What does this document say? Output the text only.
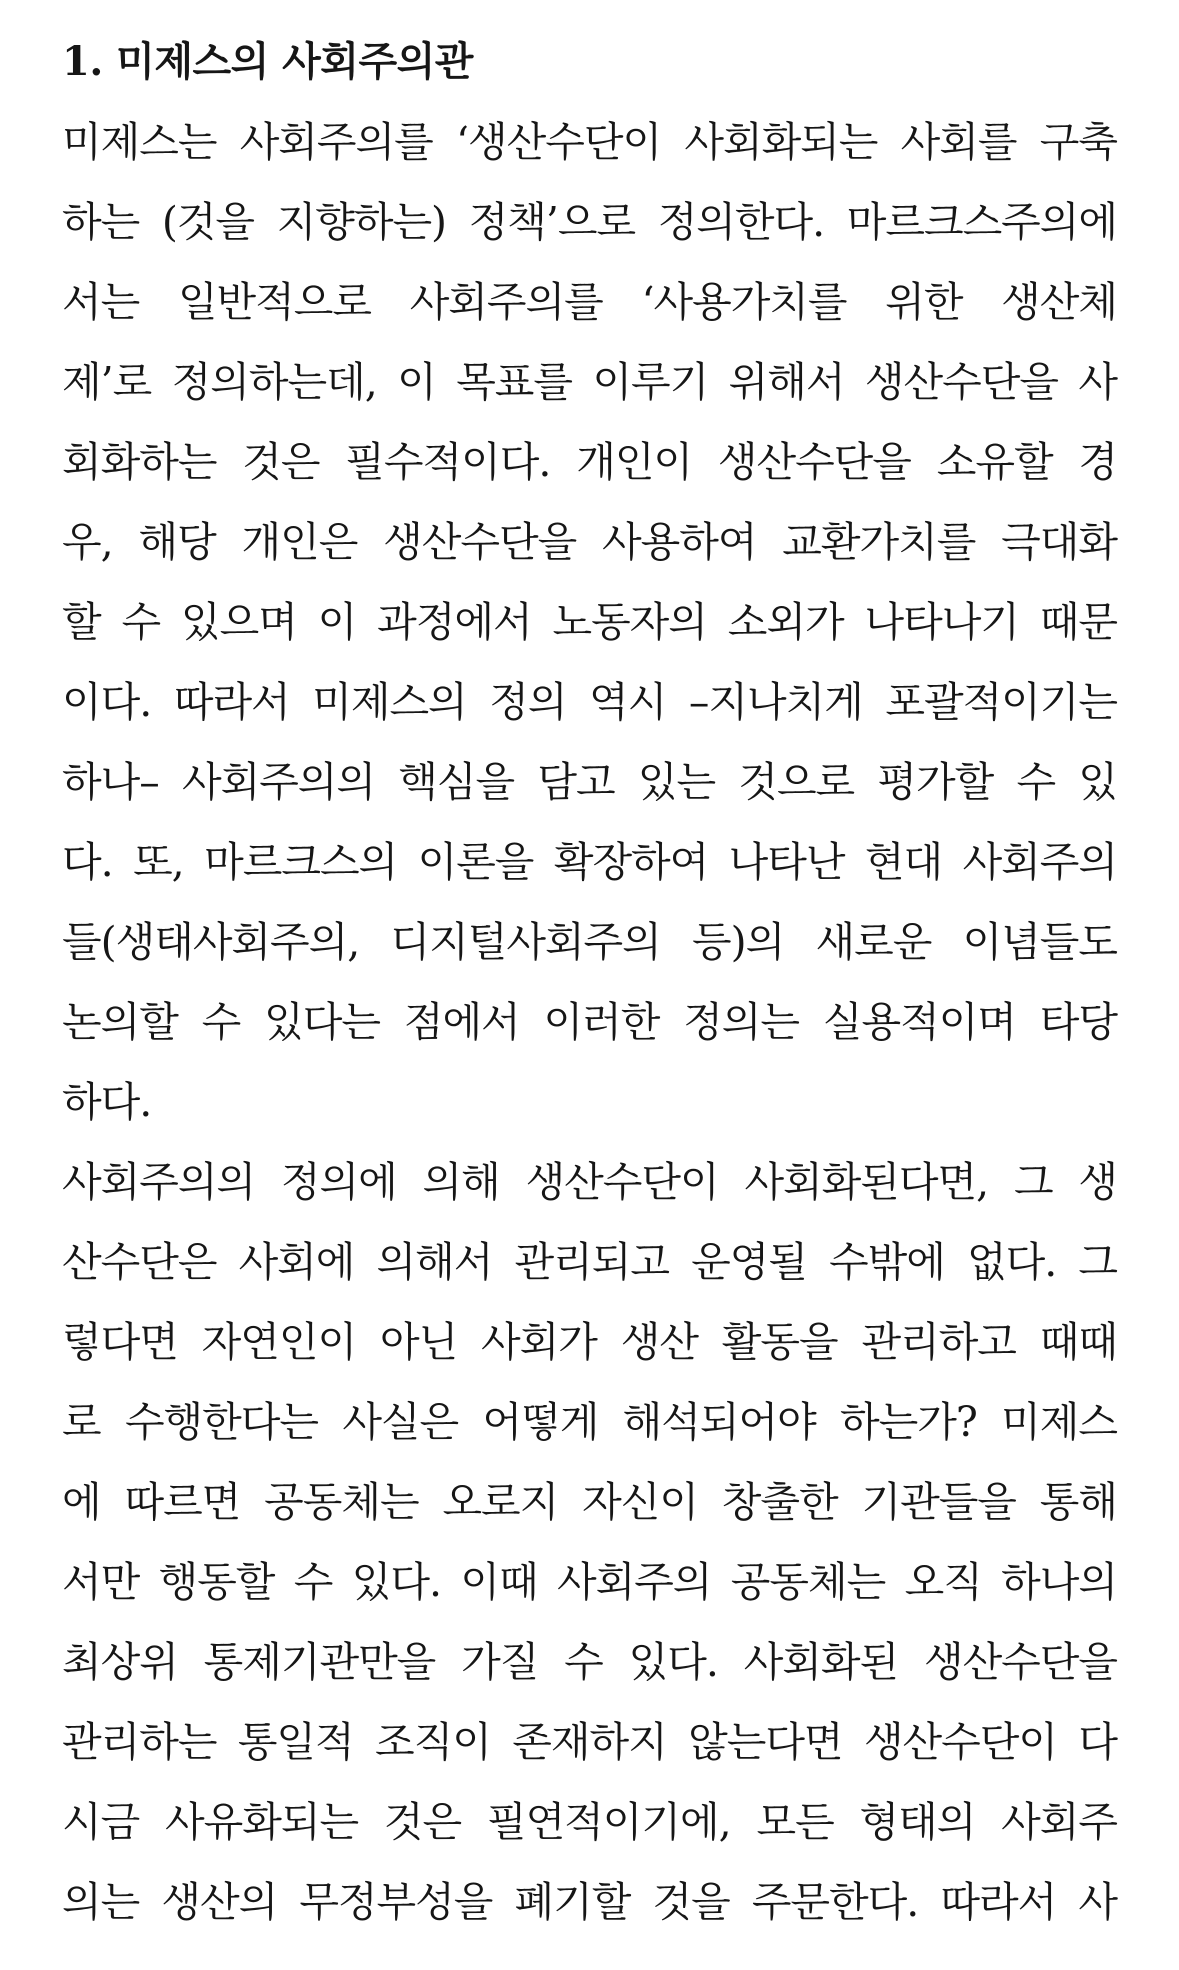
1. 미제스의 사회주의관
미제스는 사회주의를 ‘생산수단이 사회화되는 사회를 구축
하는 (것을 지향하는) 정책’으로 정의한다. 마르크스주의에
서는 일반적으로 사회주의를 ‘사용가치를 위한 생산체
제’로 정의하는데, 이 목표를 이루기 위해서 생산수단을 사
회화하는 것은 필수적이다. 개인이 생산수단을 소유할 경
우, 해당 개인은 생산수단을 사용하여 교환가치를 극대화
할 수 있으며 이 과정에서 노동자의 소외가 나타나기 때문
이다. 따라서 미제스의 정의 역시 –지나치게 포괄적이기는
하나– 사회주의의 핵심을 담고 있는 것으로 평가할 수 있
다. 또, 마르크스의 이론을 확장하여 나타난 현대 사회주의
들(생태사회주의, 디지털사회주의 등)의 새로운 이념들도
논의할 수 있다는 점에서 이러한 정의는 실용적이며 타당
하다.
사회주의의 정의에 의해 생산수단이 사회화된다면, 그 생
산수단은 사회에 의해서 관리되고 운영될 수밖에 없다. 그
렇다면 자연인이 아닌 사회가 생산 활동을 관리하고 때때
로 수행한다는 사실은 어떻게 해석되어야 하는가? 미제스
에 따르면 공동체는 오로지 자신이 창출한 기관들을 통해
서만 행동할 수 있다. 이때 사회주의 공동체는 오직 하나의
최상위 통제기관만을 가질 수 있다. 사회화된 생산수단을
관리하는 통일적 조직이 존재하지 않는다면 생산수단이 다
시금 사유화되는 것은 필연적이기에, 모든 형태의 사회주
의는 생산의 무정부성을 폐기할 것을 주문한다. 따라서 사
